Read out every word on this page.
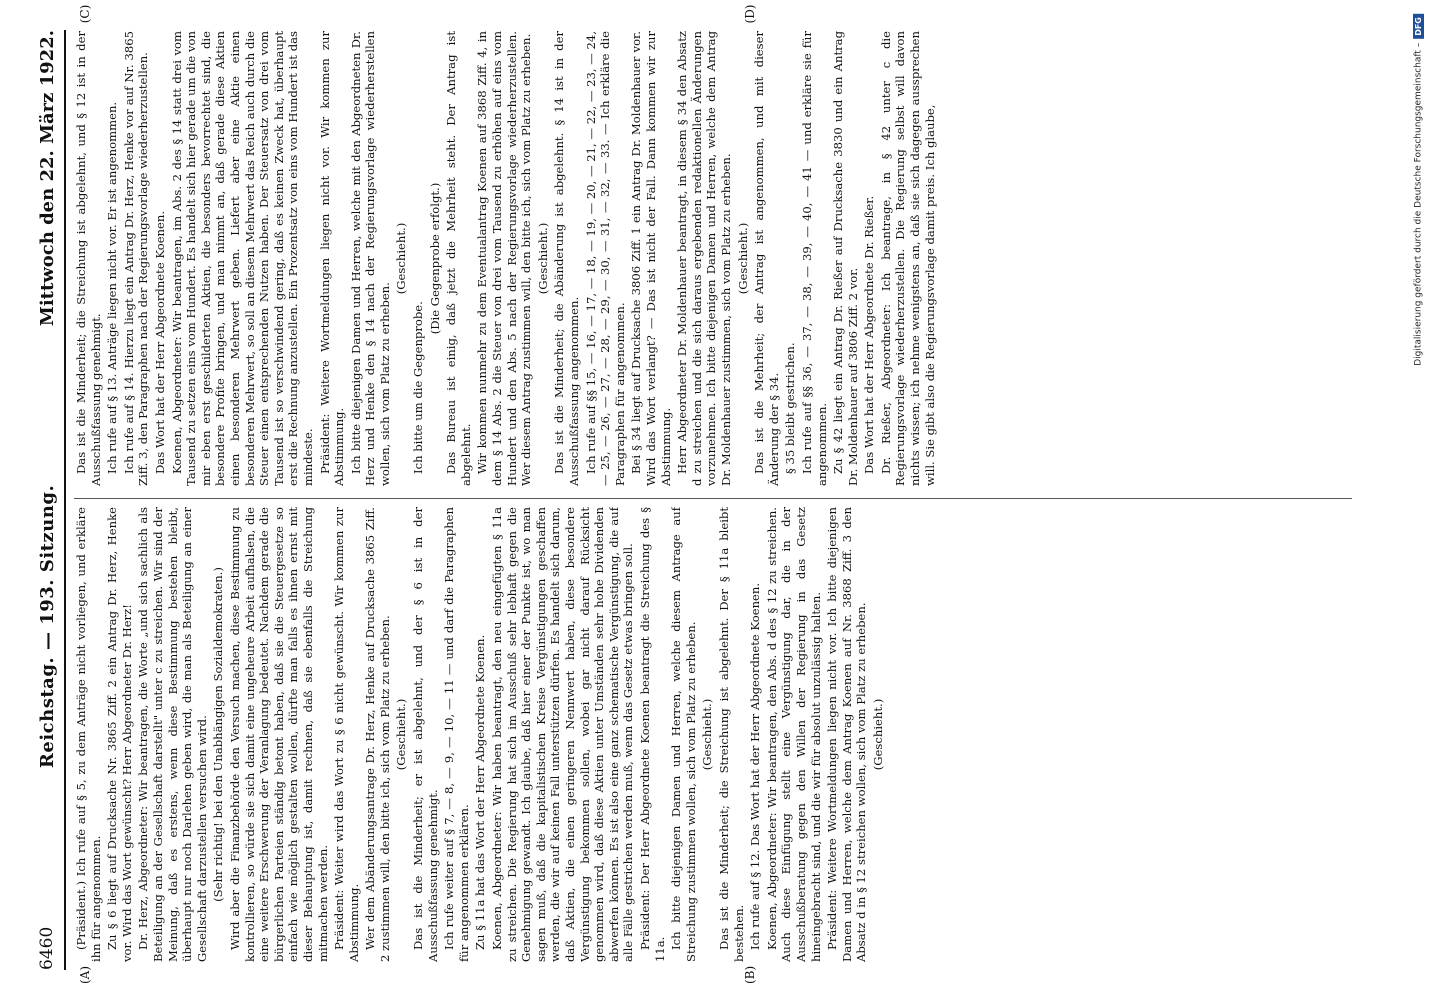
6460
Reichstag. — 193. Sitzung.
Mittwoch den 22. März 1922.
(A)	(B)
(C)	(D)

(Präsident.) Ich rufe auf § 5, zu dem Anträge nicht vorliegen, und erkläre ihn für angenommen. Zu § 6 liegt auf Drucksache Nr. 3865 Ziff. 2 ein Antrag Dr. Herz, Henke vor. Wird das Wort gewünscht? Herr Abgeordneter Dr. Herz! Dr. Herz, Abgeordneter: Wir beantragen, die Worte „und sich sachlich als Beteiligung an der Gesellschaft darstellt" unter c zu streichen. Wir sind der Meinung, daß es erstens, wenn diese Bestimmung bestehen bleibt, überhaupt nur noch Darlehen geben wird, die man als Beteiligung an einer Gesellschaft darzustellen versuchen wird. (Sehr richtig! bei den Unabhängigen Sozialdemokraten.) Wird aber die Finanzbehörde den Versuch machen, diese Bestimmung zu kontrollieren, so würde sie sich damit eine ungeheure Arbeit aufhalsen, die eine weitere Erschwerung der Veranlagung bedeutet. Nachdem gerade die bürgerlichen Parteien ständig betont haben, daß sie die Steuergesetze so einfach wie möglich gestalten wollen, dürfte man falls es ihnen ernst mit dieser Behauptung ist, damit rechnen, daß sie ebenfalls die Streichung mitmachen werden. Präsident: Weiter wird das Wort zu § 6 nicht gewünscht. Wir kommen zur Abstimmung. Wer dem Abänderungsantrage Dr. Herz, Henke auf Drucksache 3865 Ziff. 2 zustimmen will, den bitte ich, sich vom Platz zu erheben. (Geschieht.) Das ist die Minderheit; er ist abgelehnt, und der § 6 ist in der Ausschußfassung genehmigt. Ich rufe weiter auf § 7, — 8, — 9, — 10, — 11 — und darf die Paragraphen für angenommen erklären. Zu § 11a hat das Wort der Herr Abgeordnete Koenen. Koenen, Abgeordneter: Wir haben beantragt, den neu eingefügten § 11a zu streichen. Die Regierung hat sich im Ausschuß sehr lebhaft gegen die Genehmigung gewandt. Ich glaube, daß hier einer der Punkte ist, wo man sagen muß, daß die kapitalistischen Kreise Vergünstigungen geschaffen werden, die wir auf keinen Fall unterstützen dürfen. Es handelt sich darum, daß Aktien, die einen geringeren Nennwert haben, diese besondere Vergünstigung bekommen sollen, wobei gar nicht darauf Rücksicht genommen wird, daß diese Aktien unter Umständen sehr hohe Dividenden abwerfen können. Es ist also eine ganz schematische Vergünstigung, die auf alle Fälle gestrichen werden muß, wenn das Gesetz etwas bringen soll. Präsident: Der Herr Abgeordnete Koenen beantragt die Streichung des § 11a. Ich bitte diejenigen Damen und Herren, welche diesem Antrage auf Streichung zustimmen wollen, sich vom Platz zu erheben. (Geschieht.) Das ist die Minderheit; die Streichung ist abgelehnt. Der § 11a bleibt bestehen. Ich rufe auf § 12. Das Wort hat der Herr Abgeordnete Koenen. Koenen, Abgeordneter: Wir beantragen, den Abs. d des § 12 zu streichen. Auch diese Einfügung stellt eine Vergünstigung dar, die in der Ausschußberatung gegen den Willen der Regierung in das Gesetz hineingebracht sind, und die wir für absolut unzulässig halten. Präsident: Weitere Wortmeldungen liegen nicht vor. Ich bitte diejenigen Damen und Herren, welche dem Antrag Koenen auf Nr. 3868 Ziff. 3 den Absatz d in § 12 streichen wollen, sich vom Platz zu erheben. (Geschieht.)

Das ist die Minderheit; die Streichung ist abgelehnt, und § 12 ist in der Ausschußfassung genehmigt. Ich rufe auf § 13. Anträge liegen nicht vor. Er ist angenommen. Ich rufe auf § 14. Hierzu liegt ein Antrag Dr. Herz, Henke vor auf Nr. 3865 Ziff. 3, den Paragraphen nach der Regierungsvorlage wiederherzustellen. Das Wort hat der Herr Abgeordnete Koenen. Koenen, Abgeordneter: Wir beantragen, im Abs. 2 des § 14 statt drei vom Tausend zu setzen eins vom Hundert. Es handelt sich hier gerade um die von mir eben erst geschilderten Aktien, die besonders bevorrechtet sind, die besondere Profite bringen, und man nimmt an, daß gerade diese Aktien einen besonderen Mehrwert geben. Liefert aber eine Aktie einen besonderen Mehrwert, so soll an diesem Mehrwert das Reich auch durch die Steuer einen entsprechenden Nutzen haben. Der Steuersatz von drei vom Tausend ist so verschwindend gering, daß es keinen Zweck hat, überhaupt erst die Rechnung anzustellen. Ein Prozentsatz von eins vom Hundert ist das mindeste. Präsident: Weitere Wortmeldungen liegen nicht vor. Wir kommen zur Abstimmung. Ich bitte diejenigen Damen und Herren, welche mit den Abgeordneten Dr. Herz und Henke den § 14 nach der Regierungsvorlage wiederherstellen wollen, sich vom Platz zu erheben.

(Geschieht.)

Ich bitte um die Gegenprobe.

(Die Gegenprobe erfolgt.) Das Bureau ist einig, daß jetzt die Mehrheit steht. Der Antrag ist abgelehnt. Wir kommen nunmehr zu dem Eventualantrag Koenen auf 3868 Ziff. 4, in dem § 14 Abs. 2 die Steuer von drei vom Tausend zu erhöhen auf eins vom Hundert und den Abs. 5 nach der Regierungsvorlage wiederherzustellen. Wer diesem Antrag zustimmen will, den bitte ich, sich vom Platz zu erheben. (Geschieht.) Das ist die Minderheit; die Abänderung ist abgelehnt. § 14 ist in der Ausschußfassung angenommen. Ich rufe auf §§ 15, — 16, — 17, — 18, — 19, — 20, — 21, — 22, — 23, — 24, — 25, — 26, — 27, — 28, — 29, — 30, — 31, — 32, — 33. — Ich erkläre die Paragraphen für angenommen. Bei § 34 liegt auf Drucksache 3806 Ziff. 1 ein Antrag Dr. Moldenhauer vor. Wird das Wort verlangt? — Das ist nicht der Fall. Dann kommen wir zur Abstimmung. Herr Abgeordneter Dr. Moldenhauer beantragt, in diesem § 34 den Absatz d zu streichen und die sich daraus ergebenden redaktionellen Änderungen vorzunehmen. Ich bitte diejenigen Damen und Herren, welche dem Antrag Dr. Moldenhauer zustimmen, sich vom Platz zu erheben. (Geschieht.) Das ist die Mehrheit; der Antrag ist angenommen, und mit dieser Änderung der § 34. § 35 bleibt gestrichen. Ich rufe auf §§ 36, — 37, — 38, — 39, — 40, — 41 — und erkläre sie für angenommen. Zu § 42 liegt ein Antrag Dr. Rießer auf Drucksache 3830 und ein Antrag Dr. Moldenhauer auf 3806 Ziff. 2 vor. Das Wort hat der Herr Abgeordnete Dr. Rießer. Dr. Rießer, Abgeordneter: Ich beantrage, in § 42 unter c die Regierungsvorlage wiederherzustellen. Die Regierung selbst will davon nichts wissen; ich nehme wenigstens an, daß sie sich dagegen aussprechen will. Sie gibt also die Regierungsvorlage damit preis. Ich glaube,	Digitalisierung gefördert durch die Deutsche Forschungsgemeinschaft –
DFG
